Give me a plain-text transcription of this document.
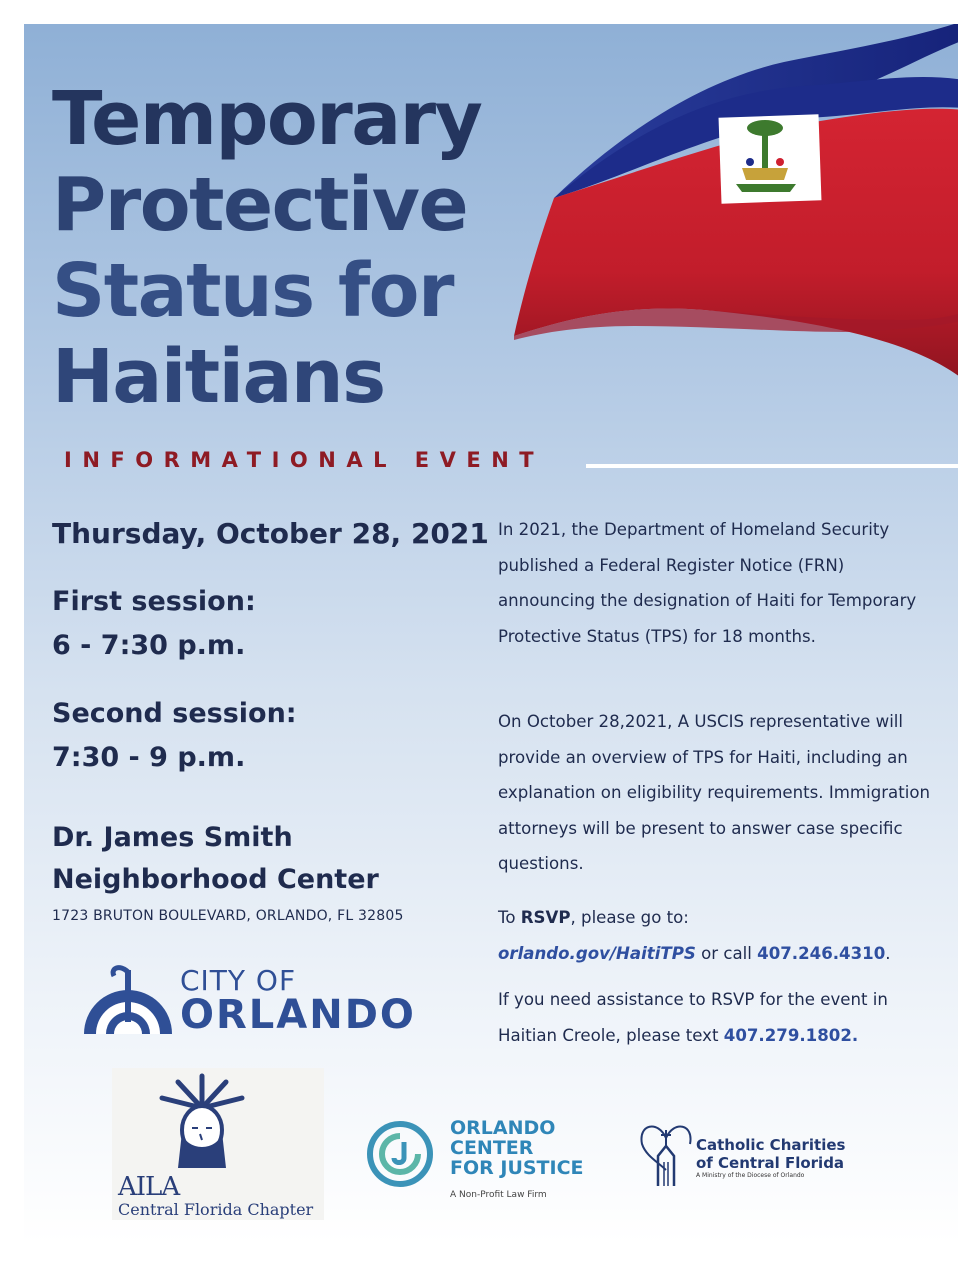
Temporary
Protective
Status for
Haitians
INFORMATIONAL EVENT
Thursday, October 28, 2021
First session:
6 - 7:30 p.m.
Second session:
7:30 - 9 p.m.
Dr. James Smith
Neighborhood Center
1723 BRUTON BOULEVARD, ORLANDO, FL 32805

In 2021, the Department of Homeland Security published a Federal Register Notice (FRN) announcing the designation of Haiti for Temporary Protective Status (TPS) for 18 months.

On October 28,2021, A USCIS representative will provide an overview of TPS for Haiti, including an explanation on eligibility requirements. Immigration attorneys will be present to answer case specific questions.

To RSVP, please go to:

orlando.gov/HaitiTPS or call 407.246.4310.

If you need assistance to RSVP for the event in Haitian Creole, please text 407.279.1802.

CITY OF
ORLANDO
AILA
Central Florida Chapter
ORLANDO
CENTER
FOR JUSTICE
A Non-Profit Law Firm
Catholic Charities
of Central Florida
A Ministry of the Diocese of Orlando
